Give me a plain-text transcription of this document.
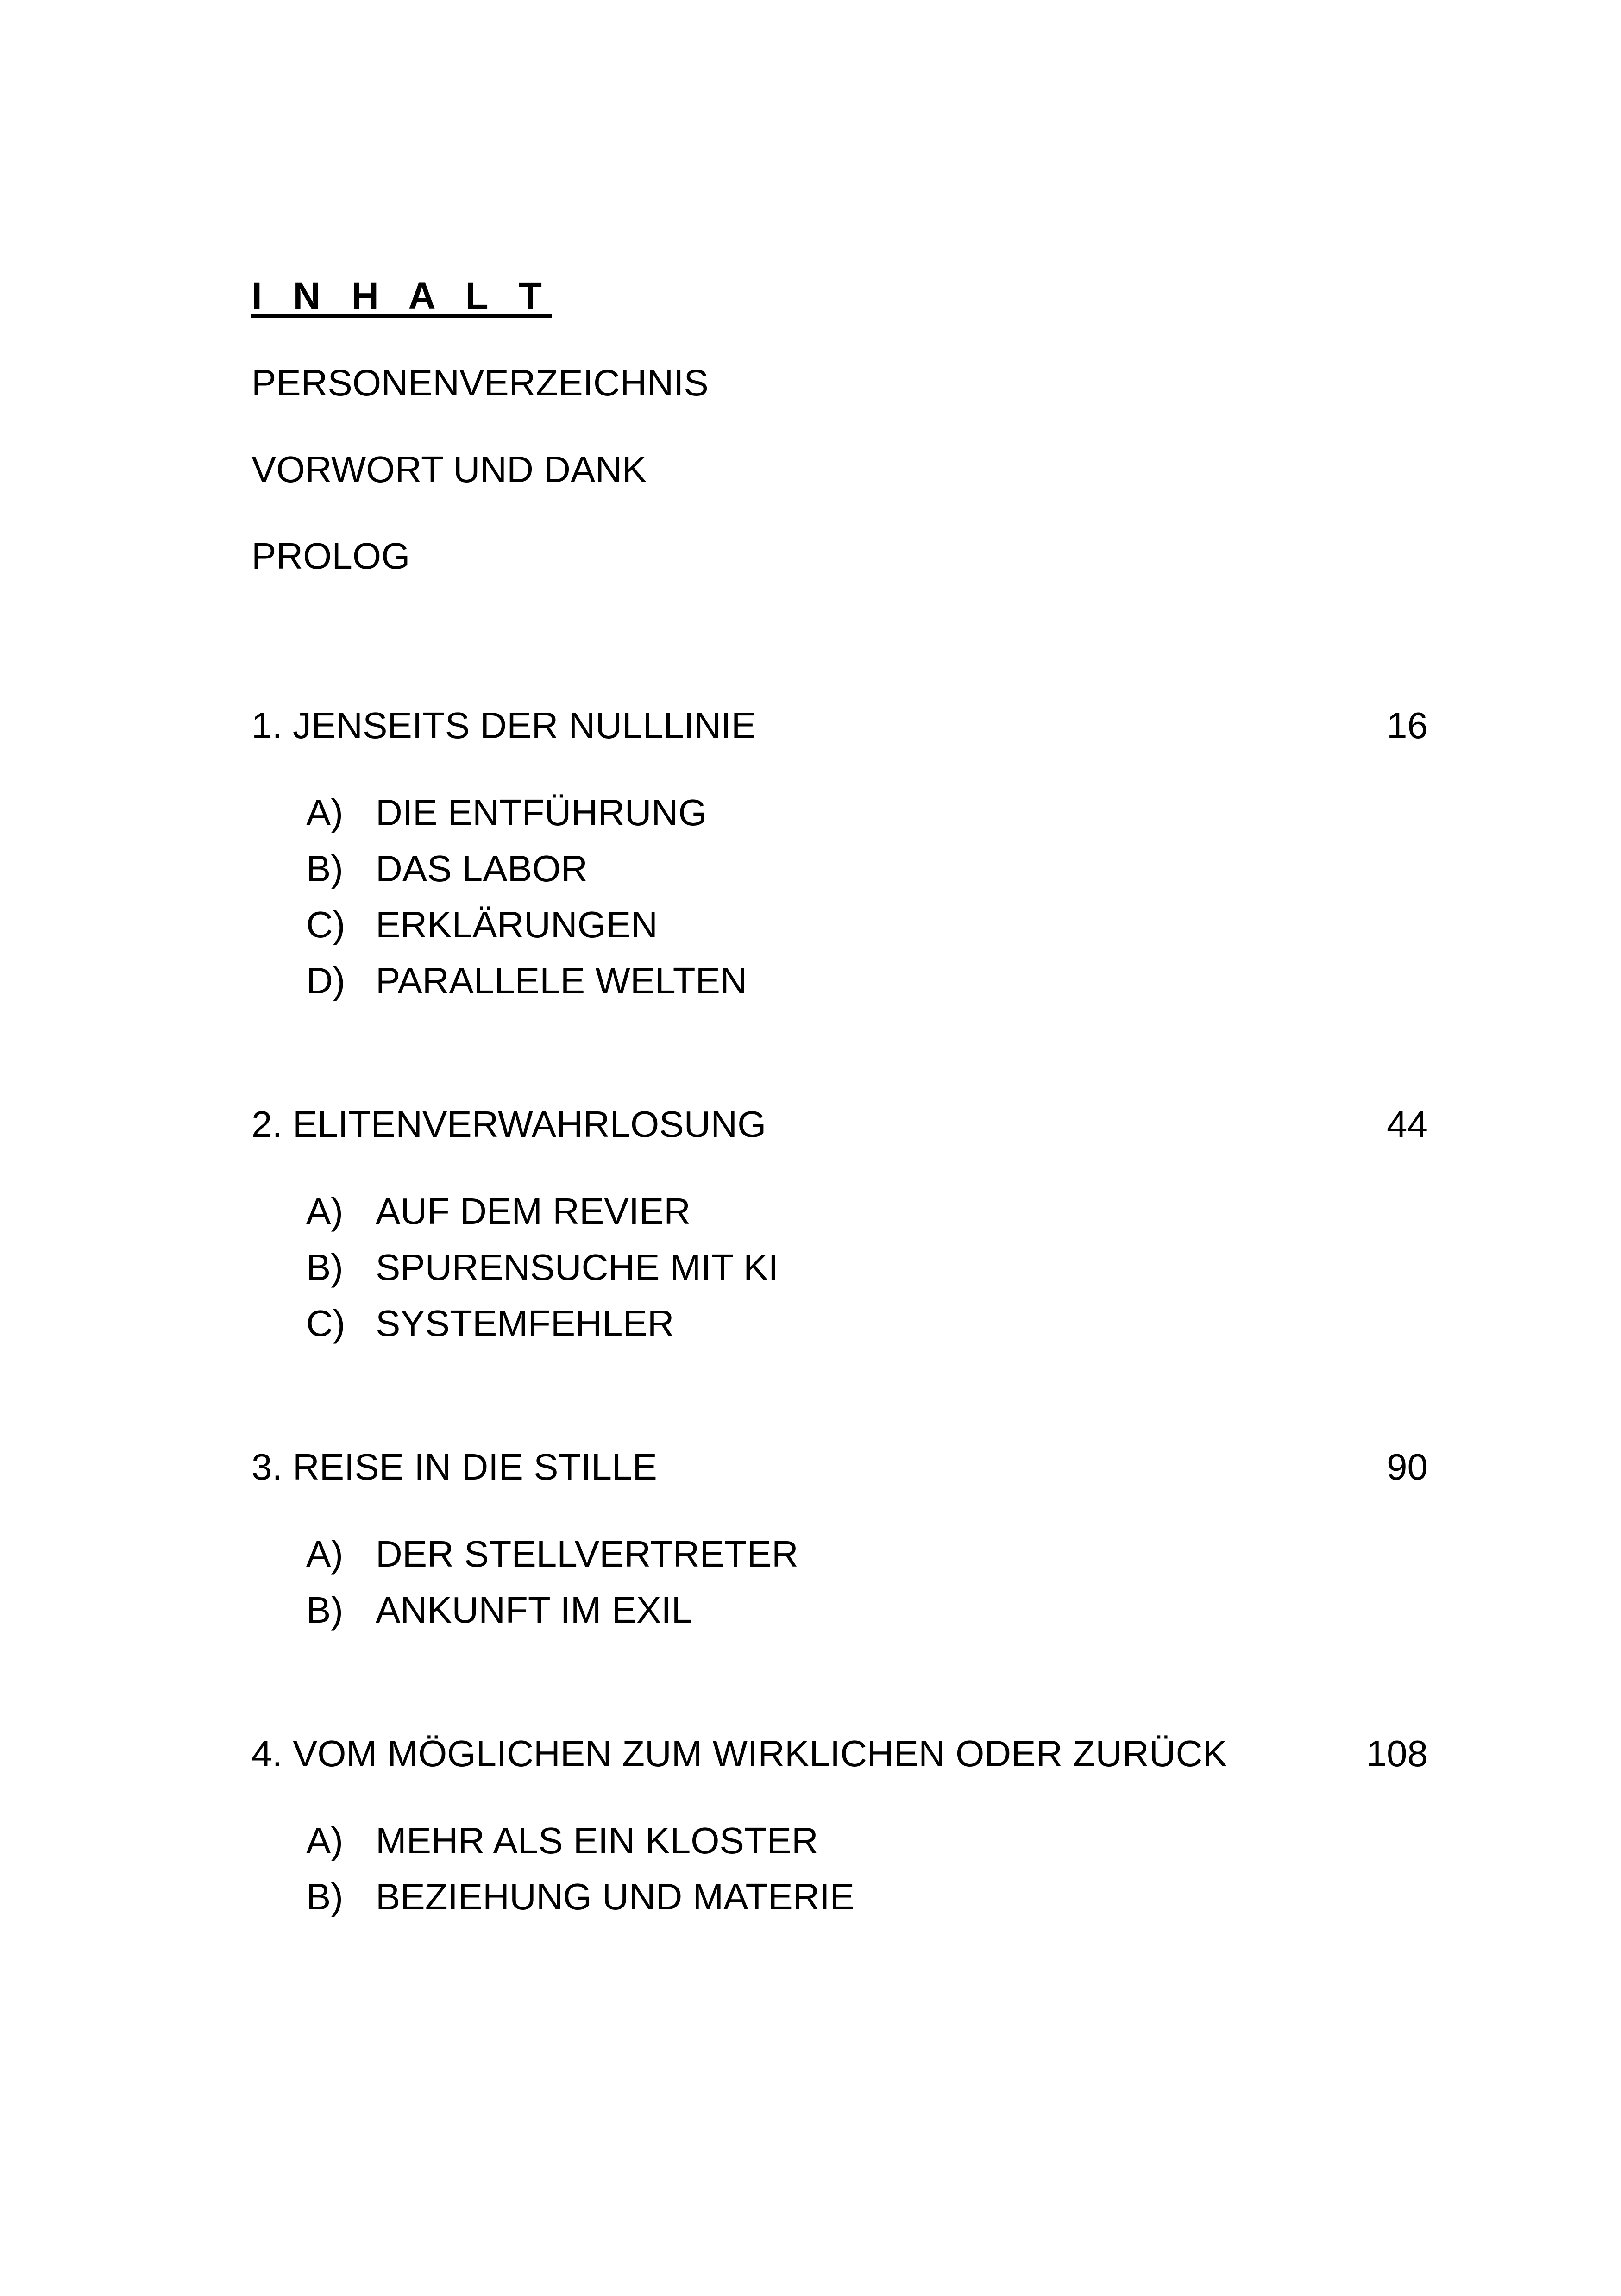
I N H A L T
PERSONENVERZEICHNIS
VORWORT UND DANK
PROLOG
1. JENSEITS DER NULLLINIE	16
A) DIE ENTFÜHRUNG
B) DAS LABOR
C) ERKLÄRUNGEN
D) PARALLELE WELTEN
2. ELITENVERWAHRLOSUNG	44
A) AUF DEM REVIER
B) SPURENSUCHE MIT KI
C) SYSTEMFEHLER
3. REISE IN DIE STILLE	90
A) DER STELLVERTRETER
B) ANKUNFT IM EXIL
4. VOM MÖGLICHEN ZUM WIRKLICHEN ODER ZURÜCK	108
A) MEHR ALS EIN KLOSTER
B) BEZIEHUNG UND MATERIE
